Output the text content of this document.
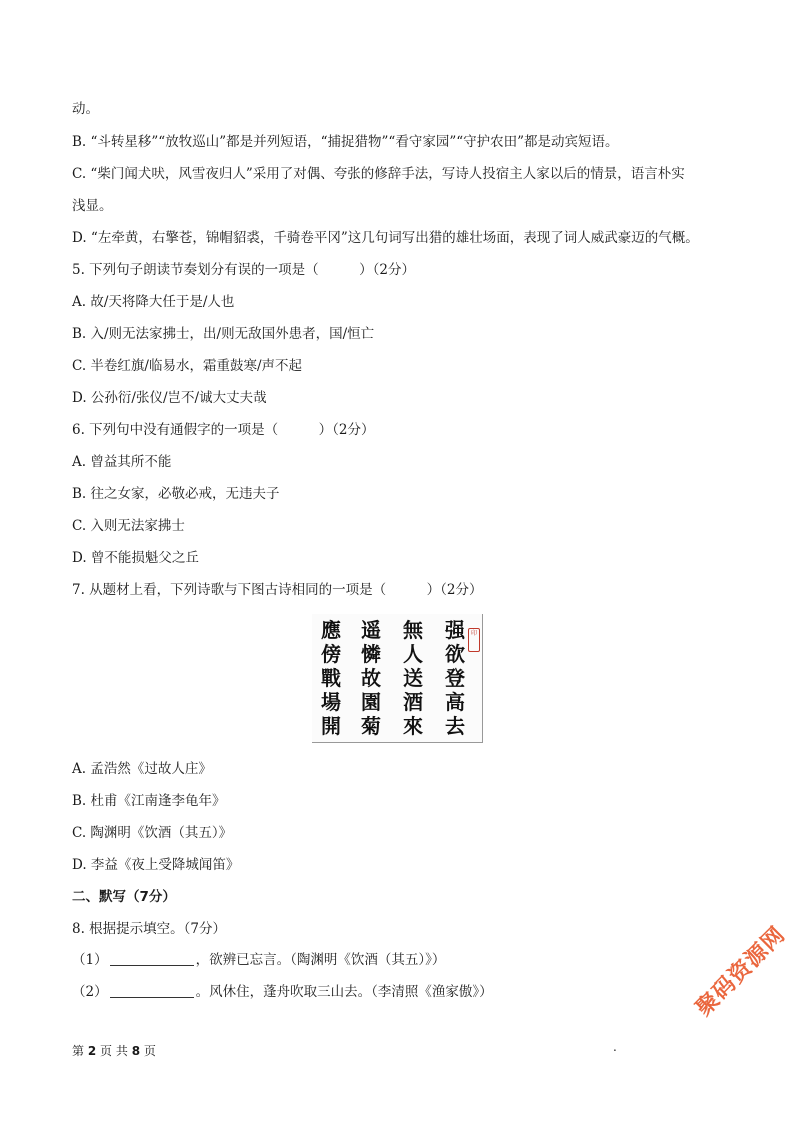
动。
B. “斗转星移”“放牧巡山”都是并列短语，“捕捉猎物”“看守家园”“守护农田”都是动宾短语。
C. “柴门闻犬吠，风雪夜归人”采用了对偶、夸张的修辞手法，写诗人投宿主人家以后的情景，语言朴实
浅显。
D. “左牵黄，右擎苍，锦帽貂裘，千骑卷平冈”这几句词写出猎的雄壮场面，表现了词人威武豪迈的气概。
5. 下列句子朗读节奏划分有误的一项是（　　　）（2分）
A. 故/天将降大任于是/人也
B. 入/则无法家拂士，出/则无敌国外患者，国/恒亡
C. 半卷红旗/临易水，霜重鼓寒/声不起
D. 公孙衍/张仪/岂不/诚大丈夫哉
6. 下列句中没有通假字的一项是（　　　）（2分）
A. 曾益其所不能
B. 往之女家，必敬必戒，无违夫子
C. 入则无法家拂士
D. 曾不能损魁父之丘
7. 从题材上看，下列诗歌与下图古诗相同的一项是（　　　）（2分）
應
傍
戰
場
開
遥
憐
故
園
菊
無
人
送
酒
來
强
欲
登
高
去
印
A. 孟浩然《过故人庄》
B. 杜甫《江南逢李龟年》
C. 陶渊明《饮酒（其五）》
D. 李益《夜上受降城闻笛》
二、默写（7分）
8. 根据提示填空。（7分）
（1）	，欲辨已忘言。（陶渊明《饮酒（其五）》）
（2）	。风休住，蓬舟吹取三山去。（李清照《渔家傲》）
第 2 页 共 8 页	.
聚码资源网
